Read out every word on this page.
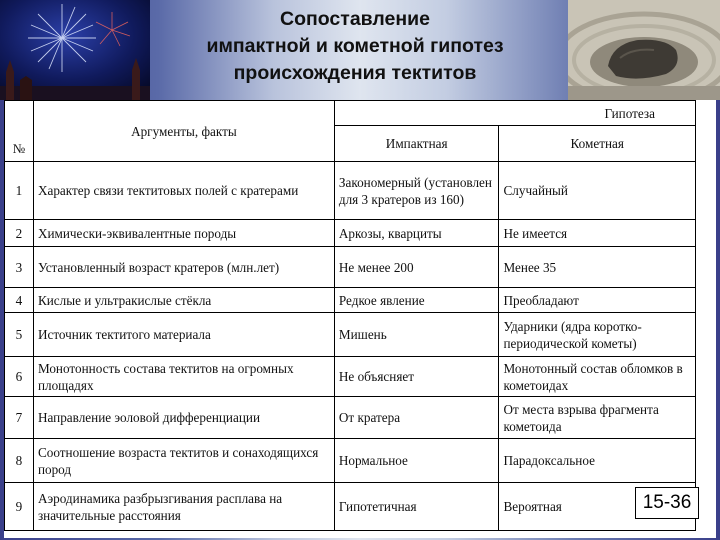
Сопоставление
импактной и кометной гипотез
происхождения тектитов
№	Аргументы, факты	Гипотеза	
		Импактная	Кометная
1	Характер связи тектитовых полей с кратерами	Закономерный (установлен для 3 кратеров из 160)	Случайный
2	Химически-эквивалентные породы	Аркозы, кварциты	Не имеется
3	Установленный возраст кратеров (млн.лет)	Не менее 200	Менее 35
4	Кислые и ультракислые стёкла	Редкое явление	Преобладают
5	Источник тектитого материала	Мишень	Ударники (ядра коротко-периодической кометы)
6	Монотонность состава тектитов на огромных площадях	Не объясняет	Монотонный состав обломков в кометоидах
7	Направление эоловой дифференциации	От кратера	От места взрыва фрагмента кометоида
8	Соотношение возраста тектитов и сонаходящихся пород	Нормальное	Парадоксальное
9	Аэродинамика разбрызгивания расплава на значительные расстояния	Гипотетичная	Вероятная	15-36
